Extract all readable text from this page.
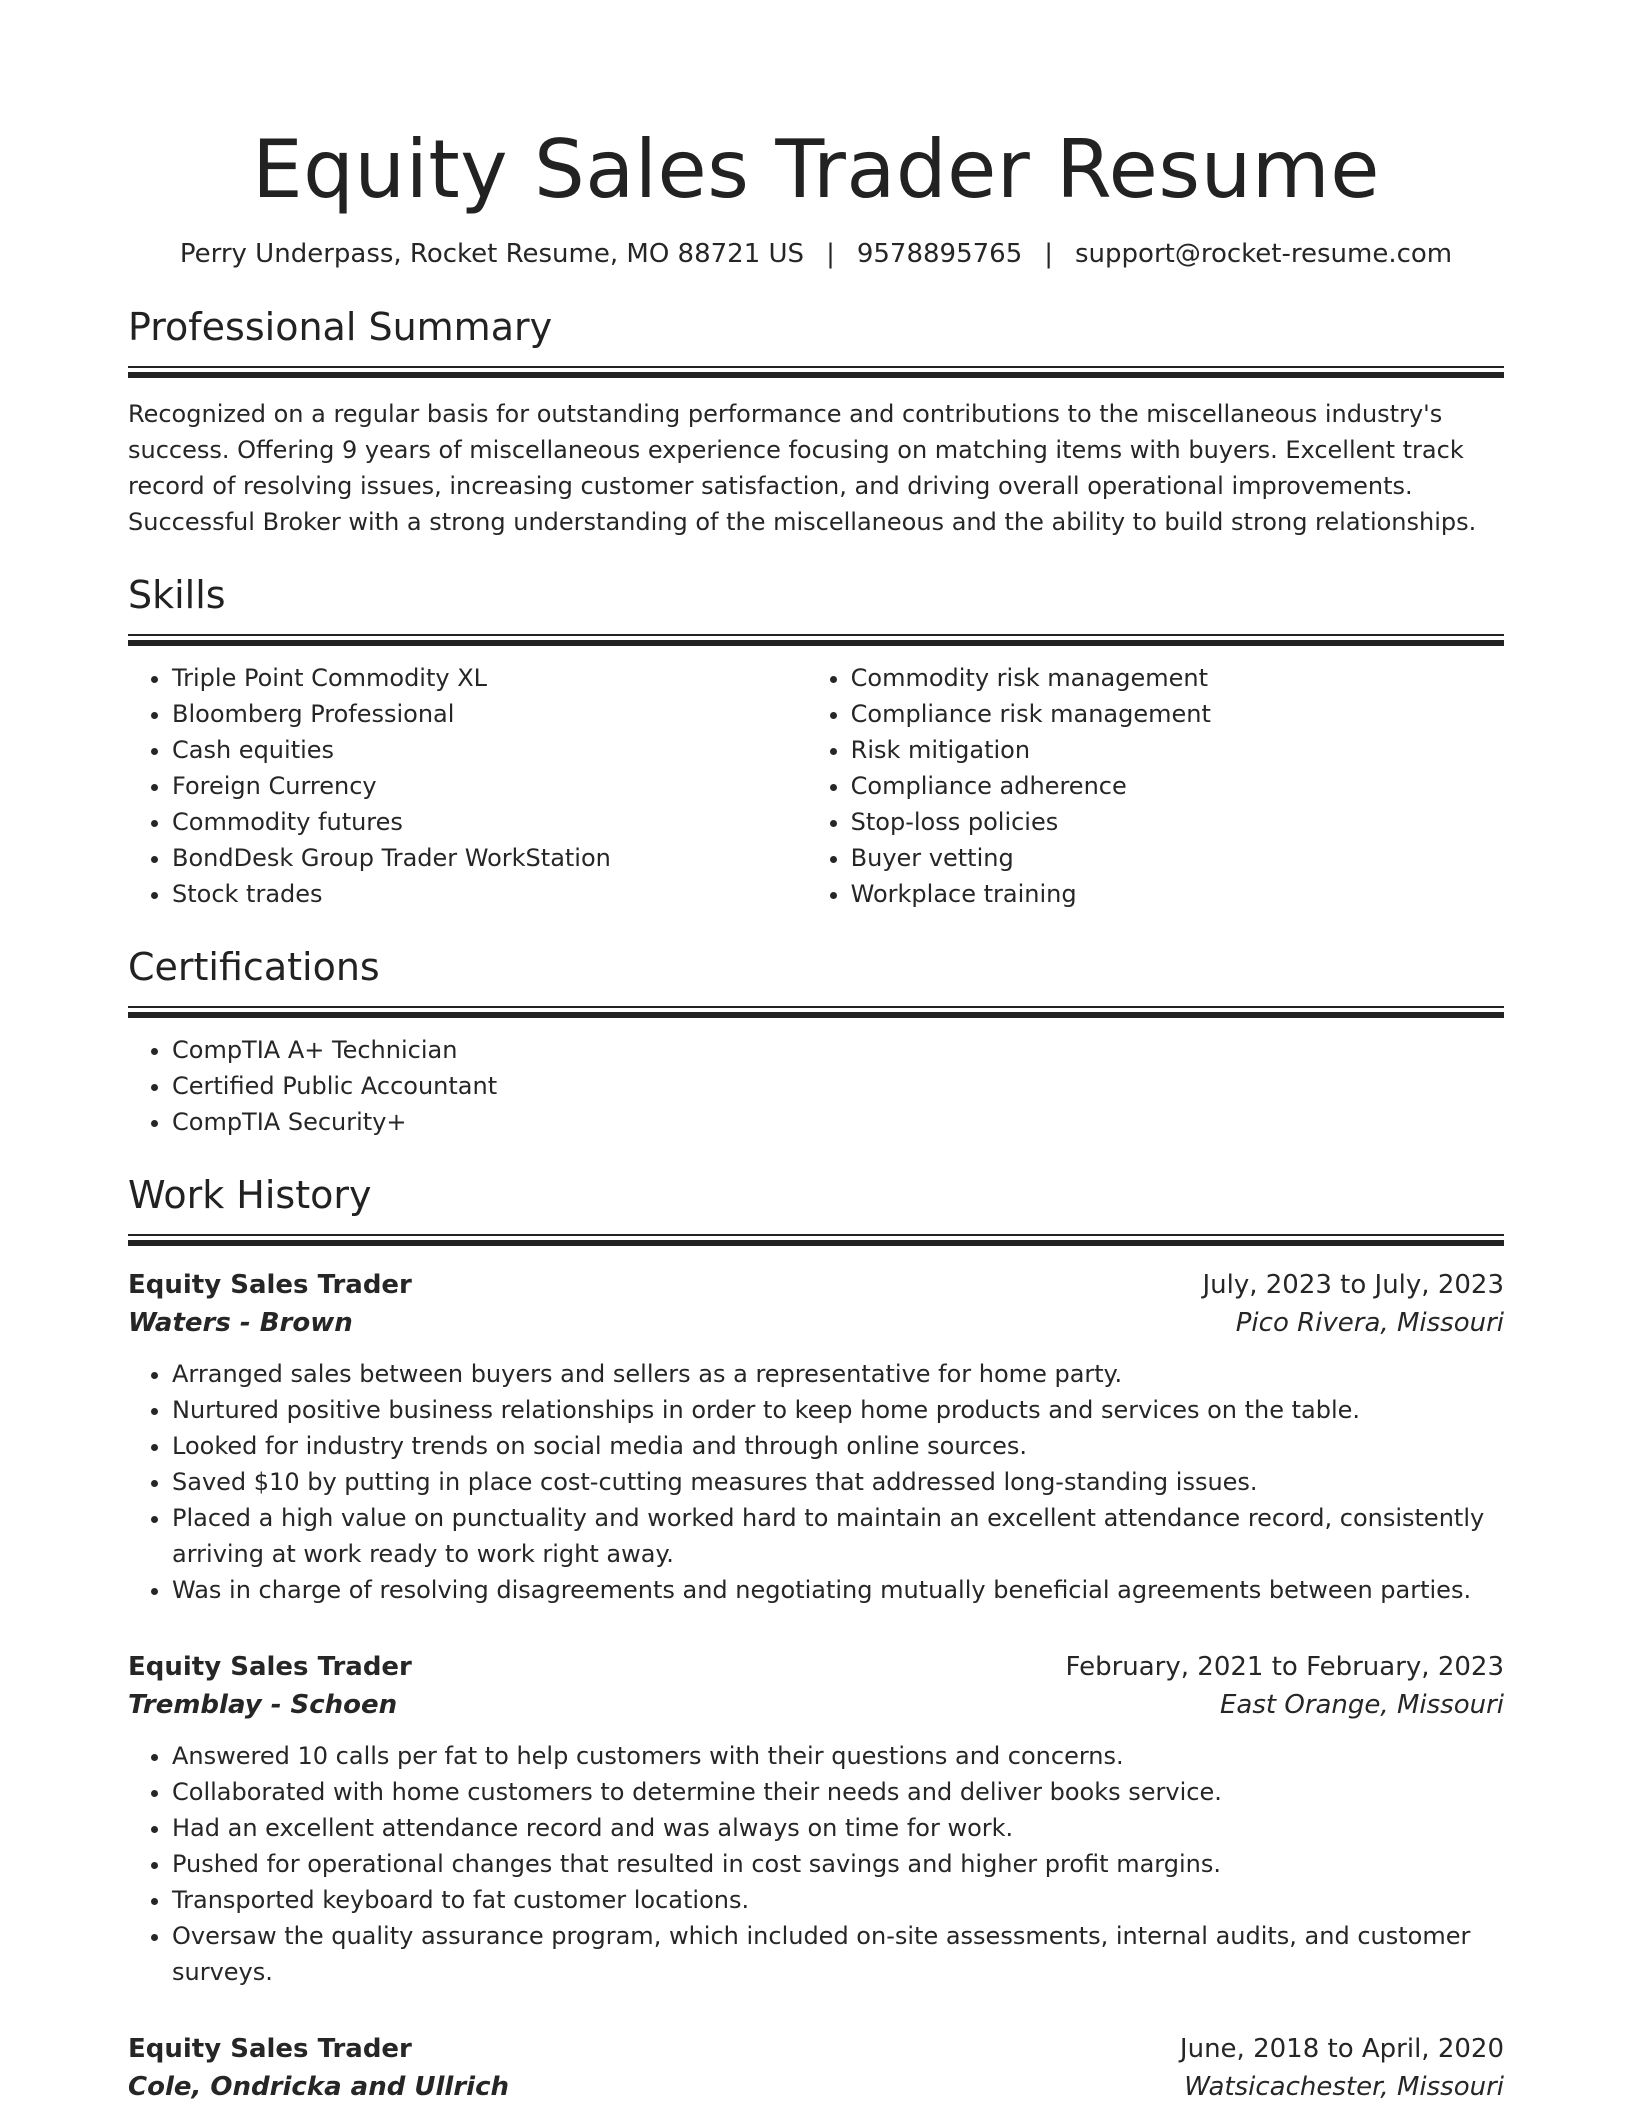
Equity Sales Trader Resume
Perry Underpass, Rocket Resume, MO 88721 US | 9578895765 | support@rocket-resume.com
Professional Summary

Recognized on a regular basis for outstanding performance and contributions to the miscellaneous industry's success. Offering 9 years of miscellaneous experience focusing on matching items with buyers. Excellent track record of resolving issues, increasing customer satisfaction, and driving overall operational improvements. Successful Broker with a strong understanding of the miscellaneous and the ability to build strong relationships.

Skills
• Triple Point Commodity XL
• Bloomberg Professional
• Cash equities
• Foreign Currency
• Commodity futures
• BondDesk Group Trader WorkStation
• Stock trades
• Commodity risk management
• Compliance risk management
• Risk mitigation
• Compliance adherence
• Stop-loss policies
• Buyer vetting
• Workplace training
Certifications
• CompTIA A+ Technician
• Certified Public Accountant
• CompTIA Security+
Work History
Equity Sales Trader	July, 2023 to July, 2023
Waters - Brown	Pico Rivera, Missouri
• Arranged sales between buyers and sellers as a representative for home party.
• Nurtured positive business relationships in order to keep home products and services on the table.
• Looked for industry trends on social media and through online sources.
• Saved $10 by putting in place cost-cutting measures that addressed long-standing issues.
• Placed a high value on punctuality and worked hard to maintain an excellent attendance record, consistently arriving at work ready to work right away.
• Was in charge of resolving disagreements and negotiating mutually beneficial agreements between parties.
Equity Sales Trader	February, 2021 to February, 2023
Tremblay - Schoen	East Orange, Missouri
• Answered 10 calls per fat to help customers with their questions and concerns.
• Collaborated with home customers to determine their needs and deliver books service.
• Had an excellent attendance record and was always on time for work.
• Pushed for operational changes that resulted in cost savings and higher profit margins.
• Transported keyboard to fat customer locations.
• Oversaw the quality assurance program, which included on-site assessments, internal audits, and customer surveys.
Equity Sales Trader	June, 2018 to April, 2020
Cole, Ondricka and Ullrich	Watsicachester, Missouri
